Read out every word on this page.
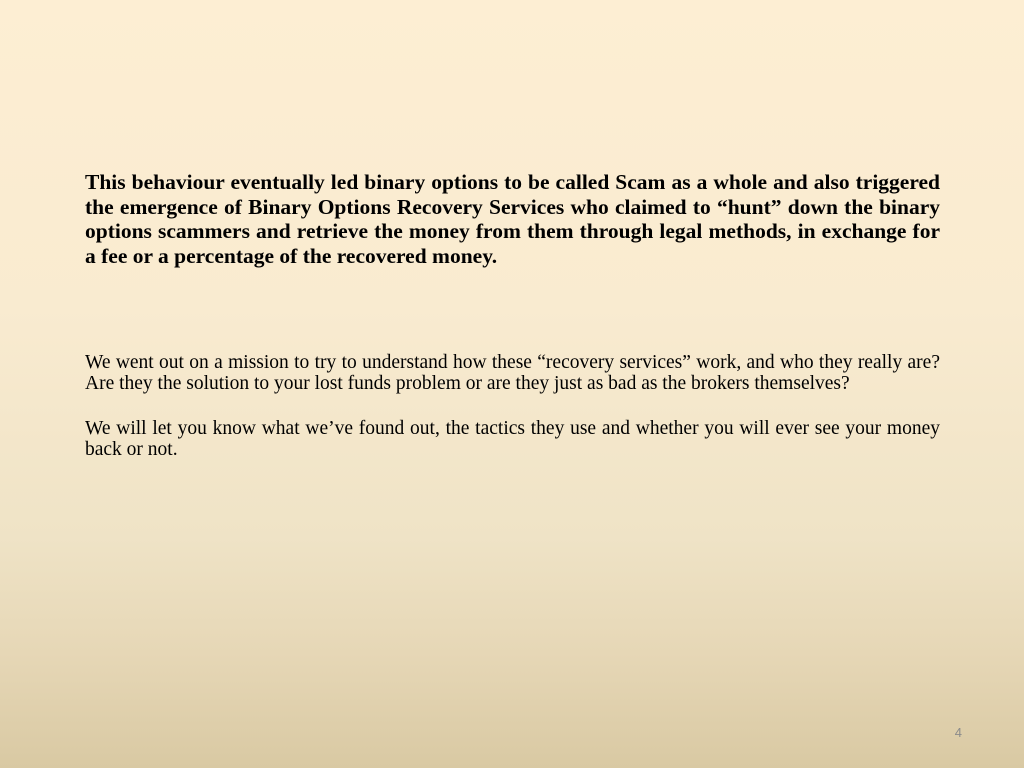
This behaviour eventually led binary options to be called Scam as a whole and also triggered the emergence of Binary Options Recovery Services who claimed to “hunt” down the binary options scammers and retrieve the money from them through legal methods, in exchange for a fee or a percentage of the recovered money.

We went out on a mission to try to understand how these “recovery services” work, and who they really are? Are they the solution to your lost funds problem or are they just as bad as the brokers themselves?

We will let you know what we’ve found out, the tactics they use and whether you will ever see your money back or not.

4
